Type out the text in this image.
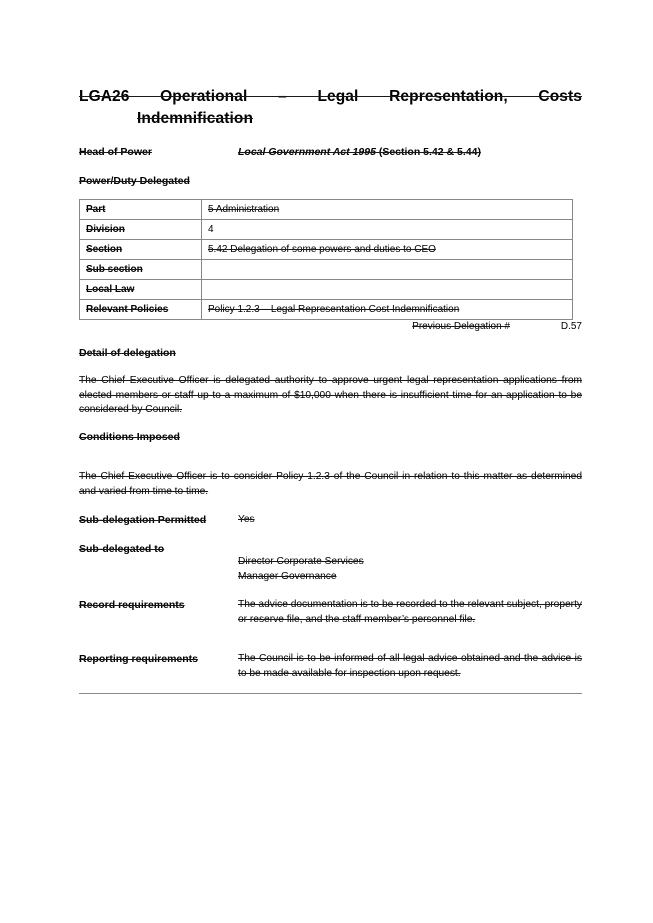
LGA26 Operational – Legal Representation, Costs
Indemnification
Head of Power	Local Government Act 1995 (Section 5.42 & 5.44)
Power/Duty Delegated
Part	5 Administration
Division	4
Section	5.42 Delegation of some powers and duties to CEO
Sub section	
Local Law	
Relevant Policies	Policy 1.2.3 – Legal Representation Cost Indemnification
Previous Delegation #	D.57
Detail of delegation
The Chief Executive Officer is delegated authority to approve urgent legal representation applications from elected members or staff up to a maximum of $10,000 when there is insufficient time for an application to be considered by Council.
Conditions Imposed
The Chief Executive Officer is to consider Policy 1.2.3 of the Council in relation to this matter as determined and varied from time to time.
Sub-delegation Permitted	Yes
Sub-delegated to
Director Corporate Services
Manager Governance
Record requirements	The advice documentation is to be recorded to the relevant subject, property or reserve file, and the staff member’s personnel file.
Reporting requirements	The Council is to be informed of all legal advice obtained and the advice is to be made available for inspection upon request.
